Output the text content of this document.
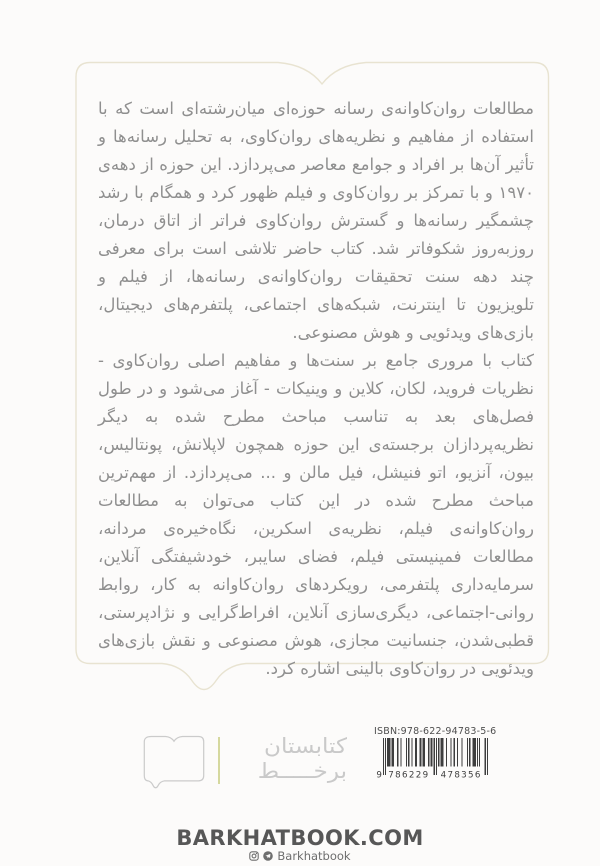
مطالعات روان‌کاوانه‌ی رسانه حوزه‌ای میان‌رشته‌ای است که با استفاده از مفاهیم و نظریه‌های روان‌کاوی، به تحلیل رسانه‌ها و تأثیر آن‌ها بر افراد و جوامع معاصر می‌پردازد. این حوزه از دهه‌ی ۱۹۷۰ و با تمرکز بر روان‌کاوی و فیلم ظهور کرد و همگام با رشد چشمگیر رسانه‌ها و گسترش روان‌کاوی فراتر از اتاق درمان، روزبه‌روز شکوفاتر شد. کتاب حاضر تلاشی است برای معرفی چند دهه سنت تحقیقات روان‌کاوانه‌ی رسانه‌ها، از فیلم و تلویزیون تا اینترنت، شبکه‌های اجتماعی، پلتفرم‌های دیجیتال، بازی‌های ویدئویی و هوش مصنوعی.

کتاب با مروری جامع بر سنت‌ها و مفاهیم اصلی روان‌کاوی - نظریات فروید، لکان، کلاین و وینیکات - آغاز می‌شود و در طول فصل‌های بعد به تناسب مباحث مطرح شده به دیگر نظریه‌پردازان برجسته‌ی این حوزه همچون لاپلانش، پونتالیس، بیون، آنزیو، اتو فنیشل، فیل مالن و ... می‌پردازد. از مهم‌ترین مباحث مطرح شده در این کتاب می‌توان به مطالعات روان‌کاوانه‌ی فیلم، نظریه‌ی اسکرین، نگاه‌خیره‌ی مردانه، مطالعات فمینیستی فیلم، فضای سایبر، خودشیفتگی آنلاین، سرمایه‌داری پلتفرمی، رویکردهای روان‌کاوانه به کار، روابط روانی-اجتماعی، دیگری‌سازی آنلاین، افراط‌گرایی و نژادپرستی، قطبی‌شدن، جنسانیت مجازی، هوش مصنوعی و نقش بازی‌های ویدئویی در روان‌کاوی بالینی اشاره کرد.

کتابستان
برخـــــط
ISBN:978-622-94783-5-6
9 786229 478356
BARKHATBOOK.COM
Barkhatbook
